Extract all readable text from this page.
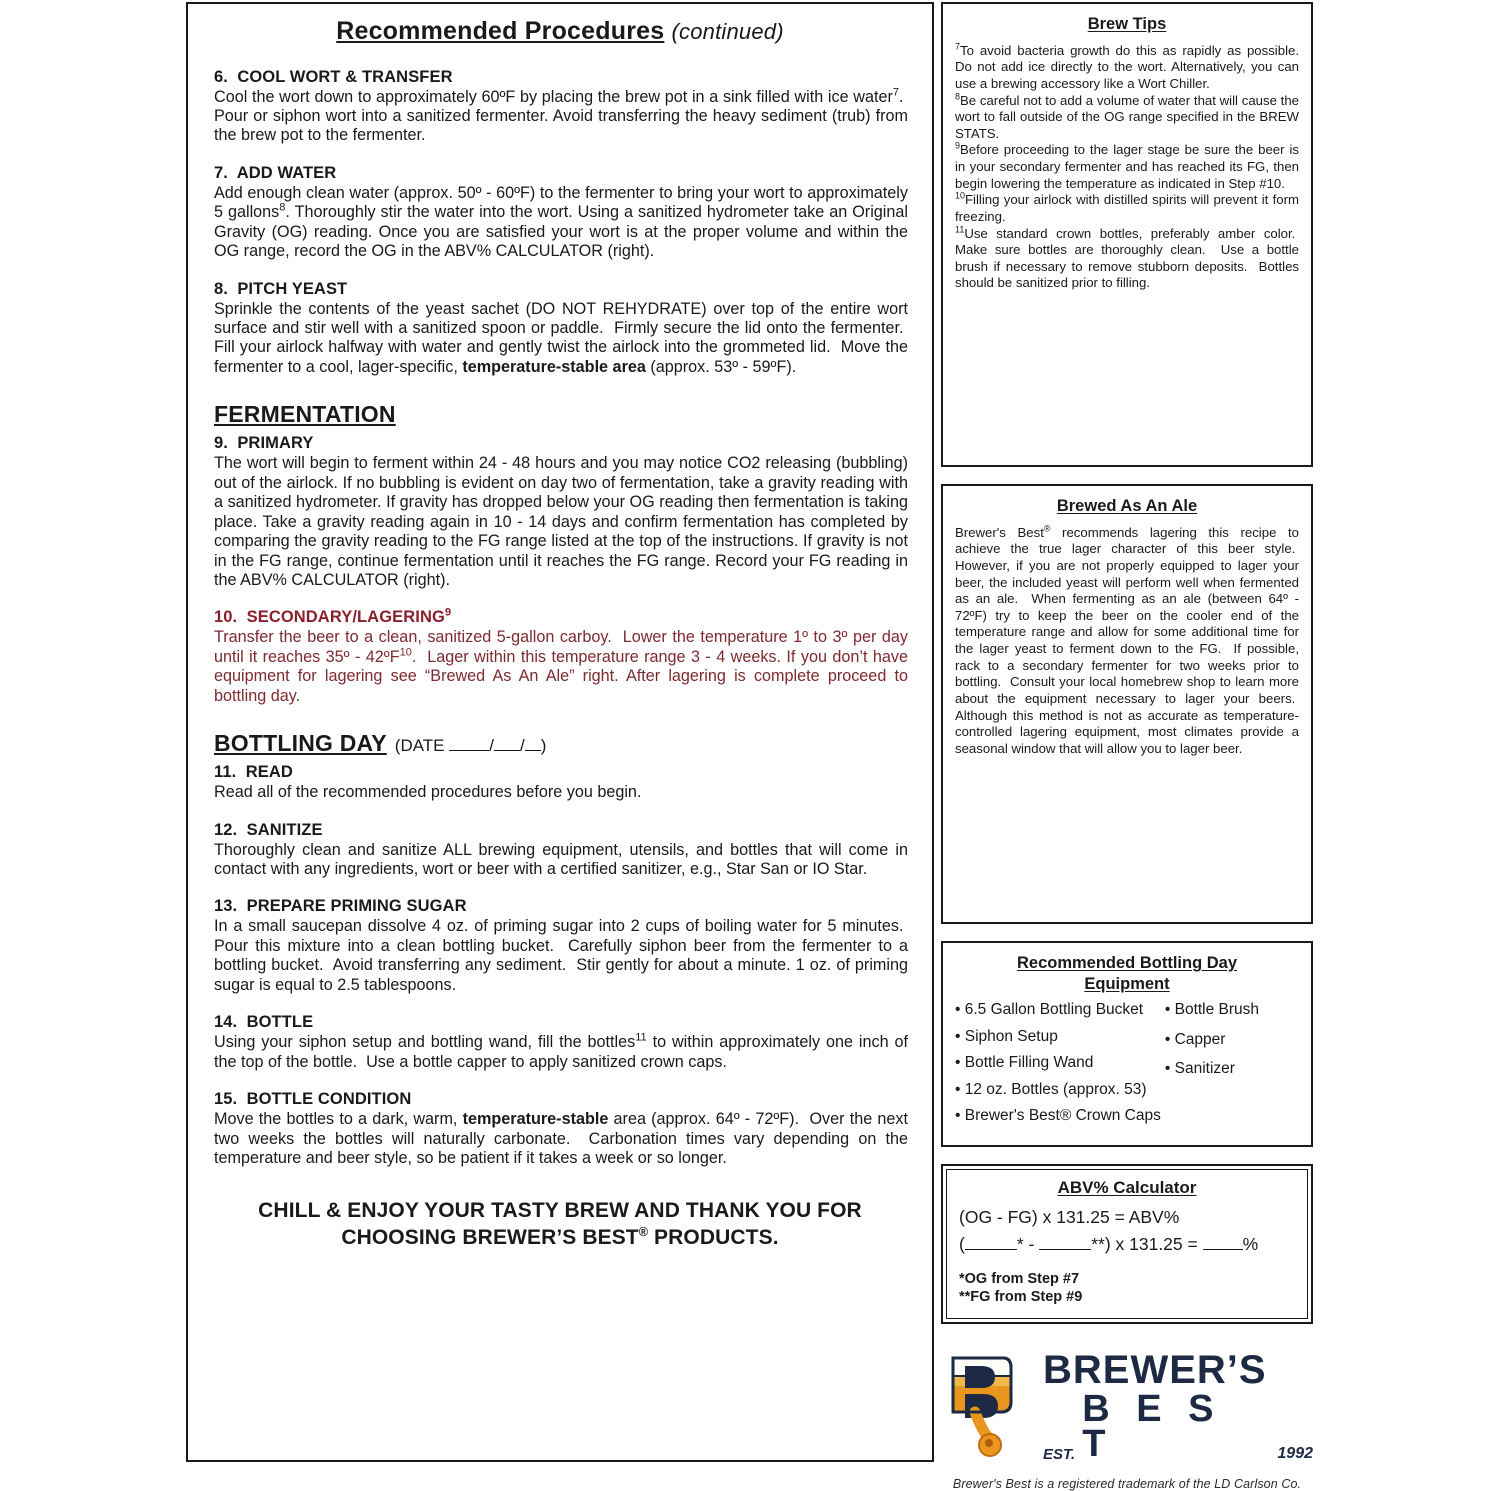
Recommended Procedures (continued)
6.  COOL WORT & TRANSFER

Cool the wort down to approximately 60ºF by placing the brew pot in a sink filled with ice water$^7$.  Pour or siphon wort into a sanitized fermenter. Avoid transferring the heavy sediment (trub) from the brew pot to the fermenter.

7.  ADD WATER

Add enough clean water (approx. 50º - 60ºF) to the fermenter to bring your wort to approximately 5 gallons$^8$. Thoroughly stir the water into the wort. Using a sanitized hydrometer take an Original Gravity (OG) reading. Once you are satisfied your wort is at the proper volume and within the OG range, record the OG in the ABV% CALCULATOR (right).

8.  PITCH YEAST

Sprinkle the contents of the yeast sachet (DO NOT REHYDRATE) over top of the entire wort surface and stir well with a sanitized spoon or paddle.  Firmly secure the lid onto the fermenter.  Fill your airlock halfway with water and gently twist the airlock into the grommeted lid.  Move the fermenter to a cool, lager-specific, temperature-stable area (approx. 53º - 59ºF).

FERMENTATION
9.  PRIMARY

The wort will begin to ferment within 24 - 48 hours and you may notice CO2 releasing (bubbling) out of the airlock. If no bubbling is evident on day two of fermentation, take a gravity reading with a sanitized hydrometer. If gravity has dropped below your OG reading then fermentation is taking place. Take a gravity reading again in 10 - 14 days and confirm fermentation has completed by comparing the gravity reading to the FG range listed at the top of the instructions. If gravity is not in the FG range, continue fermentation until it reaches the FG range. Record your FG reading in the ABV% CALCULATOR (right).

10.  SECONDARY/LAGERING$^9$

Transfer the beer to a clean, sanitized 5-gallon carboy.  Lower the temperature 1º to 3º per day until it reaches 35º - 42ºF$^{10}$.  Lager within this temperature range 3 - 4 weeks. If you don’t have equipment for lagering see “Brewed As An Ale” right. After lagering is complete proceed to bottling day.

BOTTLING DAY (DATE	/ / )
11.  READ

Read all of the recommended procedures before you begin.

12.  SANITIZE

Thoroughly clean and sanitize ALL brewing equipment, utensils, and bottles that will come in contact with any ingredients, wort or beer with a certified sanitizer, e.g., Star San or IO Star.

13.  PREPARE PRIMING SUGAR

In a small saucepan dissolve 4 oz. of priming sugar into 2 cups of boiling water for 5 minutes.  Pour this mixture into a clean bottling bucket.  Carefully siphon beer from the fermenter to a bottling bucket.  Avoid transferring any sediment.  Stir gently for about a minute. 1 oz. of priming sugar is equal to 2.5 tablespoons.

14.  BOTTLE

Using your siphon setup and bottling wand, fill the bottles$^{11}$ to within approximately one inch of the top of the bottle.  Use a bottle capper to apply sanitized crown caps.

15.  BOTTLE CONDITION

Move the bottles to a dark, warm, temperature-stable area (approx. 64º - 72ºF).  Over the next two weeks the bottles will naturally carbonate.  Carbonation times vary depending on the temperature and beer style, so be patient if it takes a week or so longer.

CHILL & ENJOY YOUR TASTY BREW AND THANK YOU FOR
CHOOSING BREWER’S BEST® PRODUCTS.
Brew Tips

$^7$To avoid bacteria growth do this as rapidly as possible. Do not add ice directly to the wort. Alternatively, you can use a brewing accessory like a Wort Chiller.

$^8$Be careful not to add a volume of water that will cause the wort to fall outside of the OG range specified in the BREW STATS.

$^9$Before proceeding to the lager stage be sure the beer is in your secondary fermenter and has reached its FG, then begin lowering the temperature as indicated in Step #10.

$^{10}$Filling your airlock with distilled spirits will prevent it form freezing.

$^{11}$Use standard crown bottles, preferably amber color.  Make sure bottles are thoroughly clean.  Use a bottle brush if necessary to remove stubborn deposits.  Bottles should be sanitized prior to filling.

Brewed As An Ale

Brewer's Best® recommends lagering this recipe to achieve the true lager character of this beer style.  However, if you are not properly equipped to lager your beer, the included yeast will perform well when fermented as an ale.  When fermenting as an ale (between 64º - 72ºF) try to keep the beer on the cooler end of the temperature range and allow for some additional time for the lager yeast to ferment down to the FG.  If possible, rack to a secondary fermenter for two weeks prior to bottling.  Consult your local homebrew shop to learn more about the equipment necessary to lager your beers.  Although this method is not as accurate as temperature-controlled lagering equipment, most climates provide a seasonal window that will allow you to lager beer.

Recommended Bottling Day
Equipment
• 6.5 Gallon Bottling Bucket
• Siphon Setup
• Bottle Filling Wand
• 12 oz. Bottles (approx. 53)
• Brewer's Best® Crown Caps
• Bottle Brush
• Capper
• Sanitizer
ABV% Calculator
(OG - FG) x 131.25 = ABV%
(	* -	**) x 131.25 = %
*OG from Step #7
**FG from Step #9
BREWER’S
EST.
B E S T	1992
Brewer's Best is a registered trademark of the LD Carlson Co.
